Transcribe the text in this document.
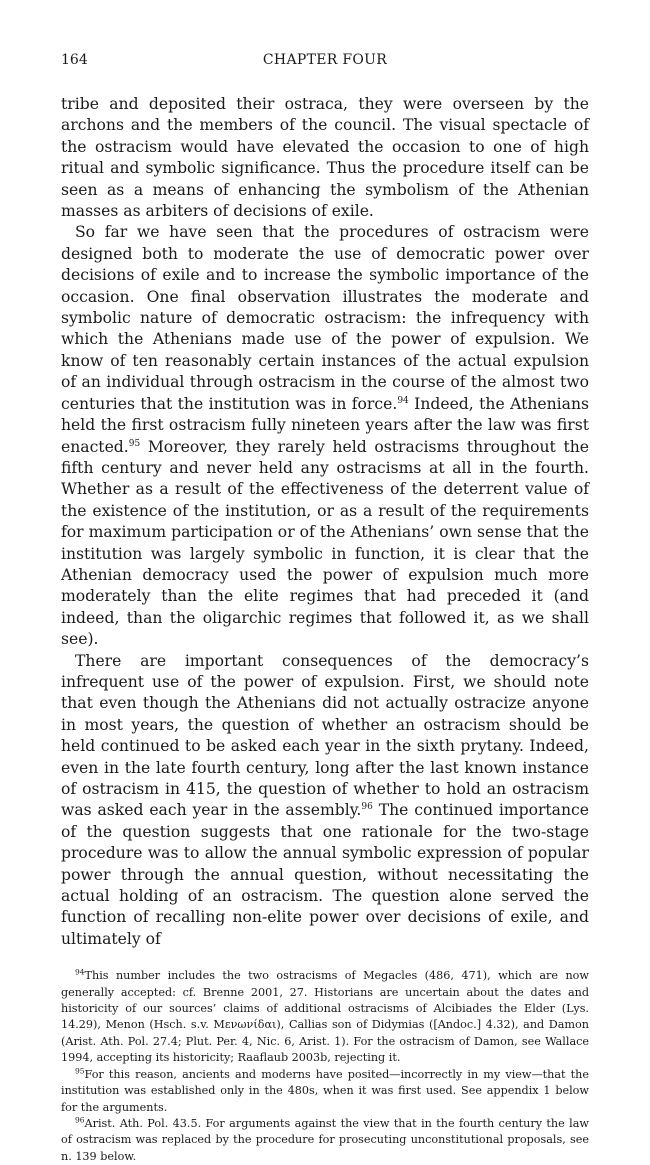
164	CHAPTER FOUR

tribe and deposited their ostraca, they were overseen by the archons and the members of the council. The visual spectacle of the ostracism would have elevated the occasion to one of high ritual and symbolic significance. Thus the procedure itself can be seen as a means of enhancing the symbolism of the Athenian masses as arbiters of decisions of exile.

So far we have seen that the procedures of ostracism were designed both to moderate the use of democratic power over decisions of exile and to increase the symbolic importance of the occasion. One final observation illustrates the moderate and symbolic nature of democratic ostracism: the infrequency with which the Athenians made use of the power of expulsion. We know of ten reasonably certain instances of the actual expulsion of an individual through ostracism in the course of the almost two centuries that the institution was in force.$^{94}$ Indeed, the Athenians held the first ostracism fully nineteen years after the law was first enacted.$^{95}$ Moreover, they rarely held ostracisms throughout the fifth century and never held any ostracisms at all in the fourth. Whether as a result of the effectiveness of the deterrent value of the existence of the institution, or as a result of the requirements for maximum participation or of the Athenians’ own sense that the institution was largely symbolic in function, it is clear that the Athenian democracy used the power of expulsion much more moderately than the elite regimes that had preceded it (and indeed, than the oligarchic regimes that followed it, as we shall see).

There are important consequences of the democracy’s infrequent use of the power of expulsion. First, we should note that even though the Athenians did not actually ostracize anyone in most years, the question of whether an ostracism should be held continued to be asked each year in the sixth prytany. Indeed, even in the late fourth century, long after the last known instance of ostracism in 415, the question of whether to hold an ostracism was asked each year in the assembly.$^{96}$ The continued importance of the question suggests that one rationale for the two-stage procedure was to allow the annual symbolic expression of popular power through the annual question, without necessitating the actual holding of an ostracism. The question alone served the function of recalling non-elite power over decisions of exile, and ultimately of

$^{94}$This number includes the two ostracisms of Megacles (486, 471), which are now generally accepted: cf. Brenne 2001, 27. Historians are uncertain about the dates and historicity of our sources’ claims of additional ostracisms of Alcibiades the Elder (Lys. 14.29), Menon (Hsch. s.v. Μενωνίδαι), Callias son of Didymias ([Andoc.] 4.32), and Damon (Arist. Ath. Pol. 27.4; Plut. Per. 4, Nic. 6, Arist. 1). For the ostracism of Damon, see Wallace 1994, accepting its historicity; Raaflaub 2003b, rejecting it.

$^{95}$For this reason, ancients and moderns have posited—incorrectly in my view—that the institution was established only in the 480s, when it was first used. See appendix 1 below for the arguments.

$^{96}$Arist. Ath. Pol. 43.5. For arguments against the view that in the fourth century the law of ostracism was replaced by the procedure for prosecuting unconstitutional proposals, see n. 139 below.
